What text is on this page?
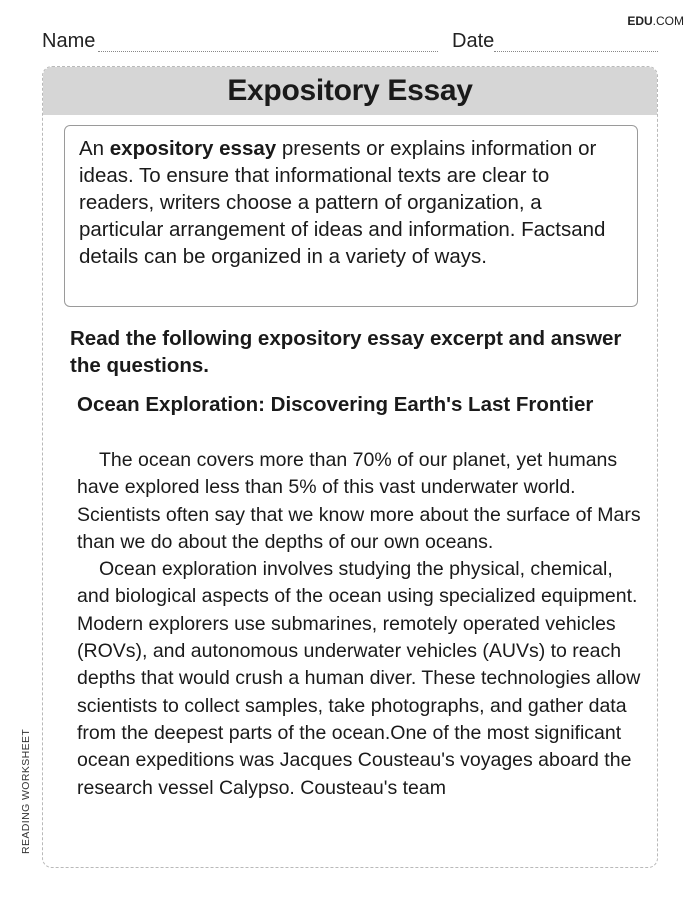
EDU.COM
Name	Date
Expository Essay
An expository essay presents or explains information or ideas. To ensure that informational texts are clear to readers, writers choose a pattern of organization, a particular arrangement of ideas and information. Factsand details can be organized in a variety of ways.
Read the following expository essay excerpt and answer the questions.
Ocean Exploration: Discovering Earth's Last Frontier

The ocean covers more than 70% of our planet, yet humans have explored less than 5% of this vast underwater world. Scientists often say that we know more about the surface of Mars than we do about the depths of our own oceans.

Ocean exploration involves studying the physical, chemical, and biological aspects of the ocean using specialized equipment. Modern explorers use submarines, remotely operated vehicles (ROVs), and autonomous underwater vehicles (AUVs) to reach depths that would crush a human diver. These technologies allow scientists to collect samples, take photographs, and gather data from the deepest parts of the ocean.One of the most significant ocean expeditions was Jacques Cousteau's voyages aboard the research vessel Calypso. Cousteau's team

READING WORKSHEET
